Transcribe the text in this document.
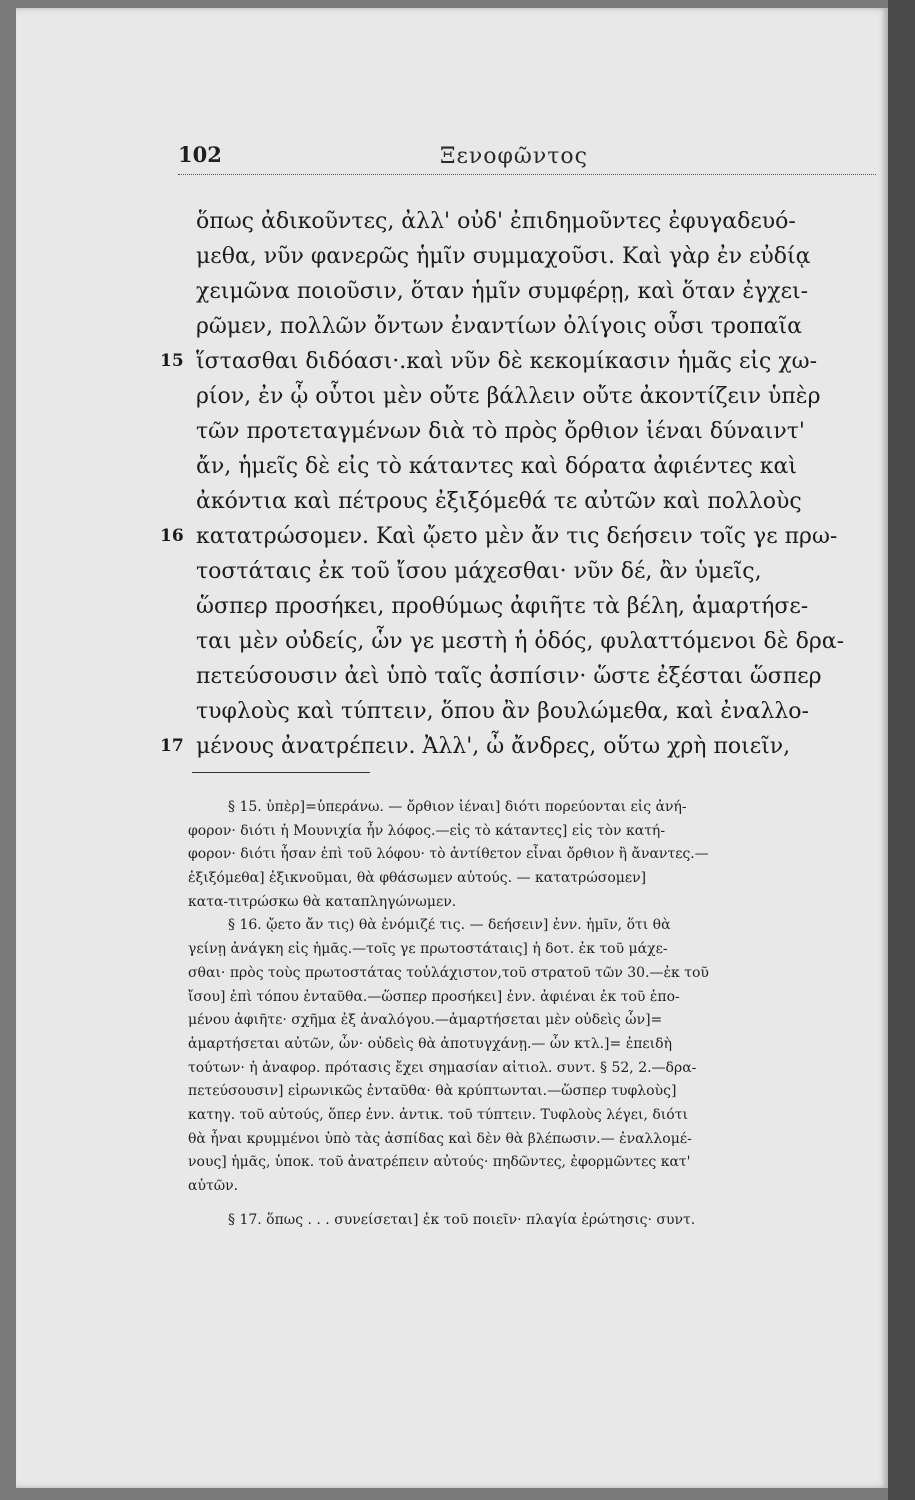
102	Ξενοφῶντος
ὅπως ἀδικοῦντες, ἀλλ' οὐδ' ἐπιδημοῦντες ἐφυγαδευό-
μεθα, νῦν φανερῶς ἡμῖν συμμαχοῦσι. Καὶ γὰρ ἐν εὐδίᾳ
χειμῶνα ποιοῦσιν, ὅταν ἡμῖν συμφέρῃ, καὶ ὅταν ἐγχει-
ρῶμεν, πολλῶν ὄντων ἐναντίων ὀλίγοις οὖσι τροπαῖα
15 ἵστασθαι διδόασι·.καὶ νῦν δὲ κεκομίκασιν ἡμᾶς εἰς χω-
ρίον, ἐν ᾧ οὗτοι μὲν οὔτε βάλλειν οὔτε ἀκοντίζειν ὑπὲρ
τῶν προτεταγμένων διὰ τὸ πρὸς ὄρθιον ἰέναι δύναιντ'
ἄν, ἡμεῖς δὲ εἰς τὸ κάταντες καὶ δόρατα ἀφιέντες καὶ
ἀκόντια καὶ πέτρους ἐξιξόμεθά τε αὐτῶν καὶ πολλοὺς
16 κατατρώσομεν. Καὶ ᾤετο μὲν ἄν τις δεήσειν τοῖς γε πρω-
τοστάταις ἐκ τοῦ ἴσου μάχεσθαι· νῦν δέ, ἂν ὑμεῖς,
ὥσπερ προσήκει, προθύμως ἀφιῆτε τὰ βέλη, ἁμαρτήσε-
ται μὲν οὐδείς, ὧν γε μεστὴ ἡ ὁδός, φυλαττόμενοι δὲ δρα-
πετεύσουσιν ἀεὶ ὑπὸ ταῖς ἀσπίσιν· ὥστε ἐξέσται ὥσπερ
τυφλοὺς καὶ τύπτειν, ὅπου ἂν βουλώμεθα, καὶ ἐναλλο-
17 μένους ἀνατρέπειν. Ἀλλ', ὦ ἄνδρες, οὕτω χρὴ ποιεῖν,
§ 15. ὑπὲρ]=ὑπεράνω. — ὄρθιον ἰέναι] διότι πορεύονται εἰς ἀνή-
φορον· διότι ἡ Μουνιχία ἦν λόφος.—εἰς τὸ κάταντες] εἰς τὸν κατή-
φορον· διότι ἦσαν ἐπὶ τοῦ λόφου· τὸ ἀντίθετον εἶναι ὄρθιον ἢ ἄναντες.—
ἐξιξόμεθα] ἐξικνοῦμαι, θὰ φθάσωμεν αὐτούς. — κατατρώσομεν]
κατα-τιτρώσκω θὰ καταπληγώνωμεν.
§ 16. ᾤετο ἄν τις) θὰ ἐνόμιζέ τις. — δεήσειν] ἐνν. ἡμῖν, ὅτι θὰ
γείνῃ ἀνάγκη εἰς ἡμᾶς.—τοῖς γε πρωτοστάταις] ἡ δοτ. ἐκ τοῦ μάχε-
σθαι· πρὸς τοὺς πρωτοστάτας τοὐλάχιστον,τοῦ στρατοῦ τῶν 30.—ἐκ τοῦ
ἴσου] ἐπὶ τόπου ἐνταῦθα.—ὥσπερ προσήκει] ἐνν. ἀφιέναι ἐκ τοῦ ἑπο-
μένου ἀφιῆτε· σχῆμα ἐξ ἀναλόγου.—ἁμαρτήσεται μὲν οὐδεὶς ὧν]=
ἁμαρτήσεται αὐτῶν, ὧν· οὐδεὶς θὰ ἀποτυγχάνῃ.— ὧν κτλ.]= ἐπειδὴ
τούτων· ἡ ἀναφορ. πρότασις ἔχει σημασίαν αἰτιολ. συντ. § 52, 2.—δρα-
πετεύσουσιν] εἰρωνικῶς ἐνταῦθα· θὰ κρύπτωνται.—ὥσπερ τυφλοὺς]
κατηγ. τοῦ αὐτούς, ὅπερ ἐνν. ἀντικ. τοῦ τύπτειν. Τυφλοὺς λέγει, διότι
θὰ ἦναι κρυμμένοι ὑπὸ τὰς ἀσπίδας καὶ δὲν θὰ βλέπωσιν.— ἐναλλομέ-
νους] ἡμᾶς, ὑποκ. τοῦ ἀνατρέπειν αὐτούς· πηδῶντες, ἐφορμῶντες κατ'
αὐτῶν.
§ 17. ὅπως . . . συνείσεται] ἐκ τοῦ ποιεῖν· πλαγία ἐρώτησις· συντ.
